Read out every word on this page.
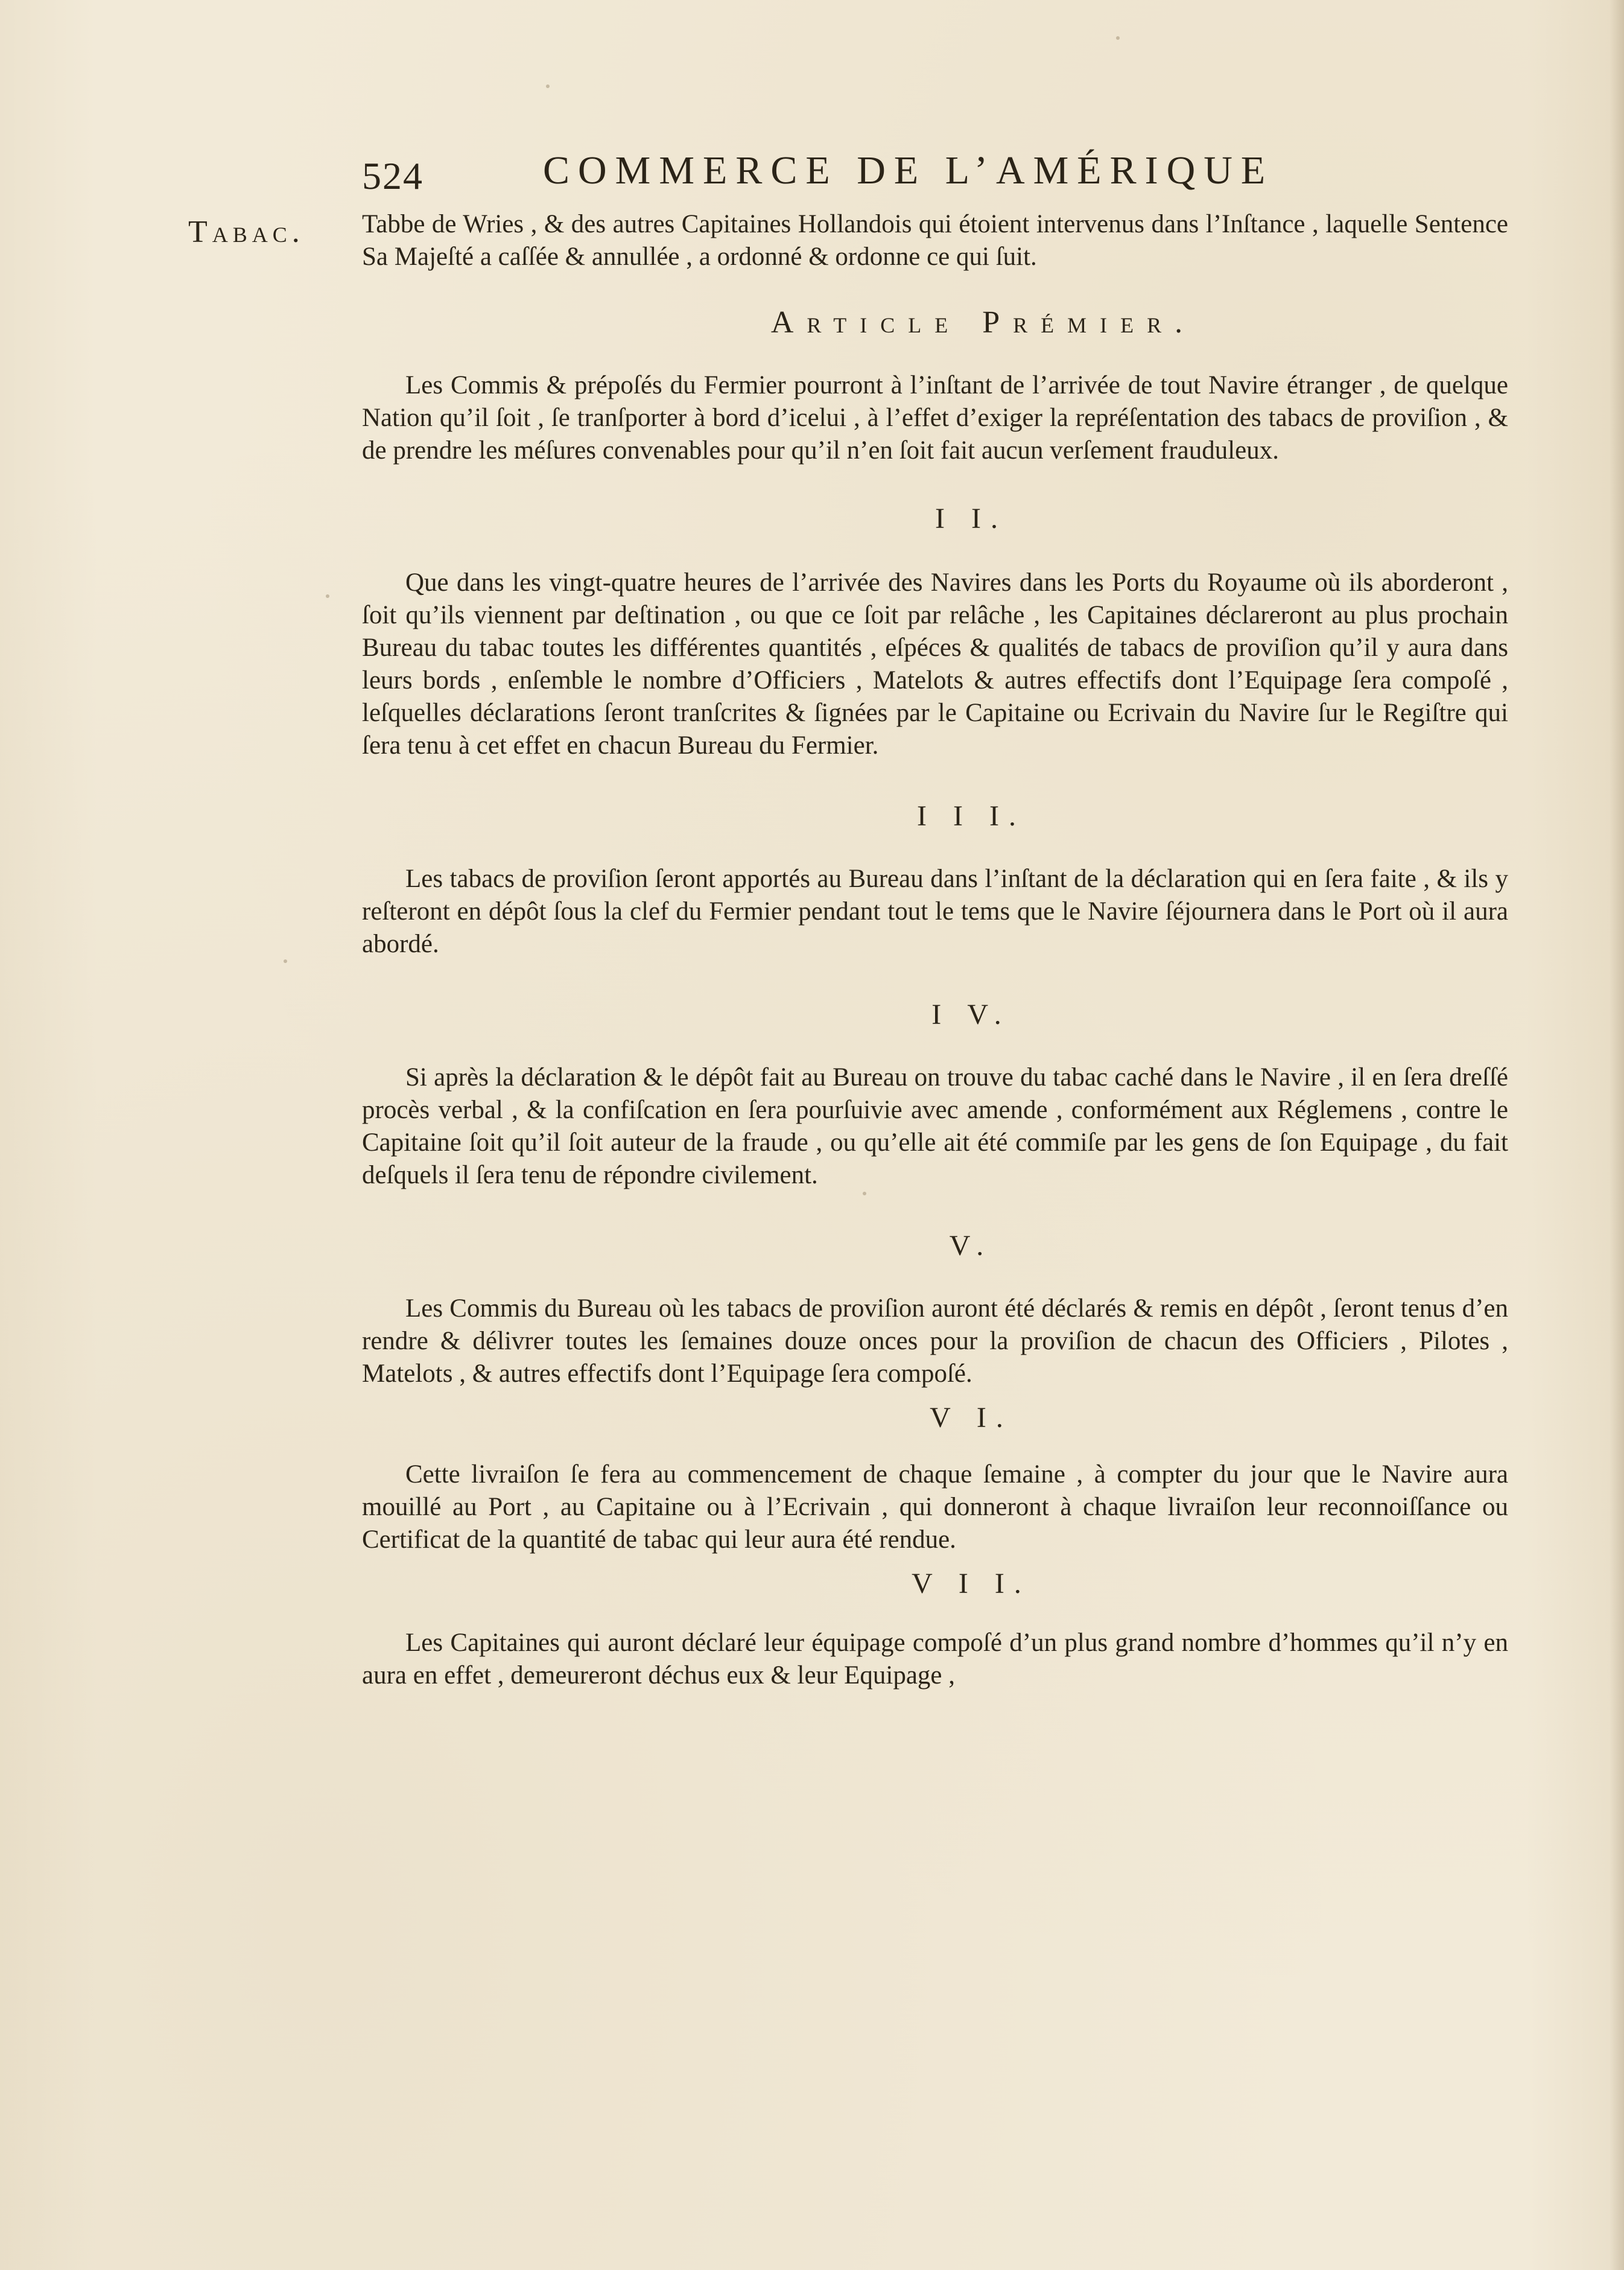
524	COMMERCE DE L’AMÉRIQUE
Tabac. Tabbe de Wries , & des autres Capitaines Hollandois qui étoient intervenus dans l’Inſtance , laquelle Sentence Sa Majeſté a caſſée & annullée , a ordonné & ordonne ce qui ſuit.

Article Prémier.

Les Commis & prépoſés du Fermier pourront à l’inſtant de l’arrivée de tout Navire étranger , de quelque Nation qu’il ſoit , ſe tranſporter à bord d’icelui , à l’effet d’exiger la repréſentation des tabacs de proviſion , & de prendre les méſures convenables pour qu’il n’en ſoit fait aucun verſement frauduleux.

I I.

Que dans les vingt-quatre heures de l’arrivée des Navires dans les Ports du Royaume où ils aborderont , ſoit qu’ils viennent par deſtination , ou que ce ſoit par relâche , les Capitaines déclareront au plus prochain Bureau du tabac toutes les différentes quantités , eſpéces & qualités de tabacs de proviſion qu’il y aura dans leurs bords , enſemble le nombre d’Officiers , Matelots & autres effectifs dont l’Equipage ſera compoſé , leſquelles déclarations ſeront tranſcrites & ſignées par le Capitaine ou Ecrivain du Navire ſur le Regiſtre qui ſera tenu à cet effet en chacun Bureau du Fermier.

I I I.

Les tabacs de proviſion ſeront apportés au Bureau dans l’inſtant de la déclaration qui en ſera faite , & ils y reſteront en dépôt ſous la clef du Fermier pendant tout le tems que le Navire ſéjournera dans le Port où il aura abordé.

I V.

Si après la déclaration & le dépôt fait au Bureau on trouve du tabac caché dans le Navire , il en ſera dreſſé procès verbal , & la confiſcation en ſera pourſuivie avec amende , conformément aux Réglemens , contre le Capitaine ſoit qu’il ſoit auteur de la fraude , ou qu’elle ait été commiſe par les gens de ſon Equipage , du fait deſquels il ſera tenu de répondre civilement.

V.

Les Commis du Bureau où les tabacs de proviſion auront été déclarés & remis en dépôt , ſeront tenus d’en rendre & délivrer toutes les ſemaines douze onces pour la proviſion de chacun des Officiers , Pilotes , Matelots , & autres effectifs dont l’Equipage ſera compoſé.

V I.

Cette livraiſon ſe fera au commencement de chaque ſemaine , à compter du jour que le Navire aura mouillé au Port , au Capitaine ou à l’Ecrivain , qui donneront à chaque livraiſon leur reconnoiſſance ou Certificat de la quantité de tabac qui leur aura été rendue.

V I I.

Les Capitaines qui auront déclaré leur équipage compoſé d’un plus grand nombre d’hommes qu’il n’y en aura en effet , demeureront déchus eux & leur Equipage ,
